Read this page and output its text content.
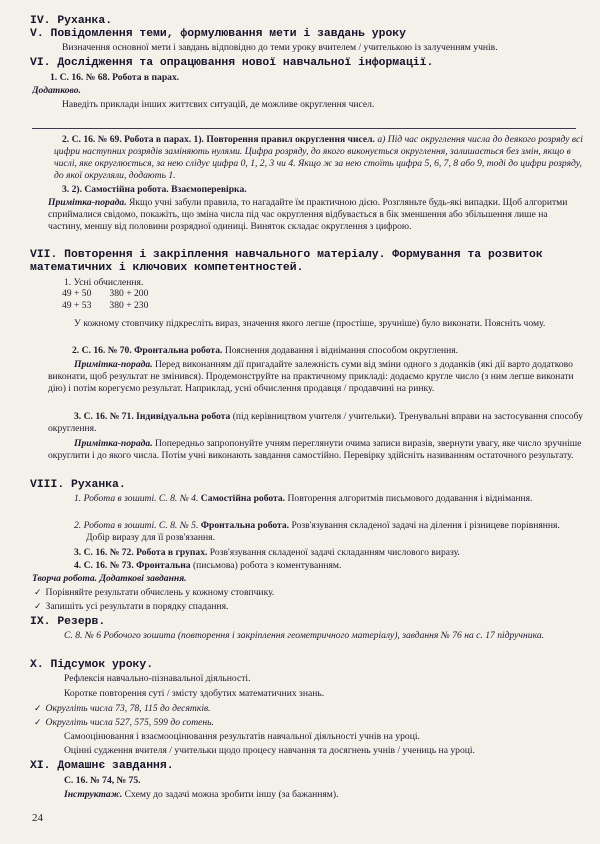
IV. Руханка.
V. Повідомлення теми, формулювання мети і завдань уроку
Визначення основної мети і завдань відповідно до теми уроку вчителем / учителькою із залученням учнів.
VI. Дослідження та опрацювання нової навчальної інформації.
1. С. 16. № 68. Робота в парах.
Додатково.
Наведіть приклади інших життєвих ситуацій, де можливе округлення чисел.
2. С. 16. № 69. Робота в парах. 1). Повторення правил округлення чисел. а) Під час округлення числа до деякого розряду всі цифри наступних розрядів заміняють нулями. Цифра розряду, до якого виконується округлення, залишається без змін, якщо в числі, яке округлюється, за нею слідує цифра 0, 1, 2, 3 чи 4. Якщо ж за нею стоїть цифра 5, 6, 7, 8 або 9, тоді до цифри розряду, до якої округляли, додають 1.
3. 2). Самостійна робота. Взаємоперевірка.
Примітка-порада. Якщо учні забули правила, то нагадайте їм практичною дією. Розгляньте будь-які випадки. Щоб алгоритми сприймалися свідомо, покажіть, що зміна числа під час округлення відбувається в бік зменшення або збільшення лише на частину, меншу від половини розрядної одиниці. Виняток складає округлення з цифрою.
VII. Повторення і закріплення навчального матеріалу. Формування та розвиток математичних і ключових компетентностей.
1. Усні обчислення.
49 + 50	380 + 200
49 + 53	380 + 230
У кожному стовпчику підкресліть вираз, значення якого легше (простіше, зручніше) було виконати. Поясніть чому.
2. С. 16. № 70. Фронтальна робота. Пояснення додавання і віднімання способом округлення.
Примітка-порада. Перед виконанням дії пригадайте залежність суми від зміни одного з доданків (які дії варто додатково виконати, щоб результат не змінився). Продемонструйте на практичному прикладі: додаємо кругле число (з ним легше виконати дію) і потім корегуємо результат. Наприклад, усні обчислення продавця / продавчині на ринку.
3. С. 16. № 71. Індивідуальна робота (під керівництвом учителя / учительки). Тренувальні вправи на застосування способу округлення.
Примітка-порада. Попередньо запропонуйте учням переглянути очима записи виразів, звернути увагу, яке число зручніше округлити і до якого числа. Потім учні виконають завдання самостійно. Перевірку здійсніть називанням остаточного результату.
VIII. Руханка.
1. Робота в зошиті. С. 8. № 4. Самостійна робота. Повторення алгоритмів письмового додавання і віднімання.
2. Робота в зошиті. С. 8. № 5. Фронтальна робота. Розв'язування складеної задачі на ділення і різницеве порівняння. Добір виразу для її розв'язання.
3. С. 16. № 72. Робота в групах. Розв'язування складеної задачі складанням числового виразу.
4. С. 16. № 73. Фронтальна (письмова) робота з коментуванням.
Творча робота. Додаткові завдання.
✓ Порівняйте результати обчислень у кожному стовпчику.
✓ Запишіть усі результати в порядку спадання.
IX. Резерв.
С. 8. № 6 Робочого зошита (повторення і закріплення геометричного матеріалу), завдання № 76 на с. 17 підручника.
X. Підсумок уроку.
Рефлексія навчально-пізнавальної діяльності.
Коротке повторення суті / змісту здобутих математичних знань.
✓ Округліть числа 73, 78, 115 до десятків.
✓ Округліть числа 527, 575, 599 до сотень.
Самооцінювання і взаємооцінювання результатів навчальної діяльності учнів на уроці.
Оцінні судження вчителя / учительки щодо процесу навчання та досягнень учнів / учениць на уроці.
XI. Домашнє завдання.
С. 16. № 74, № 75.
Інструктаж. Схему до задачі можна зробити іншу (за бажанням).
24
